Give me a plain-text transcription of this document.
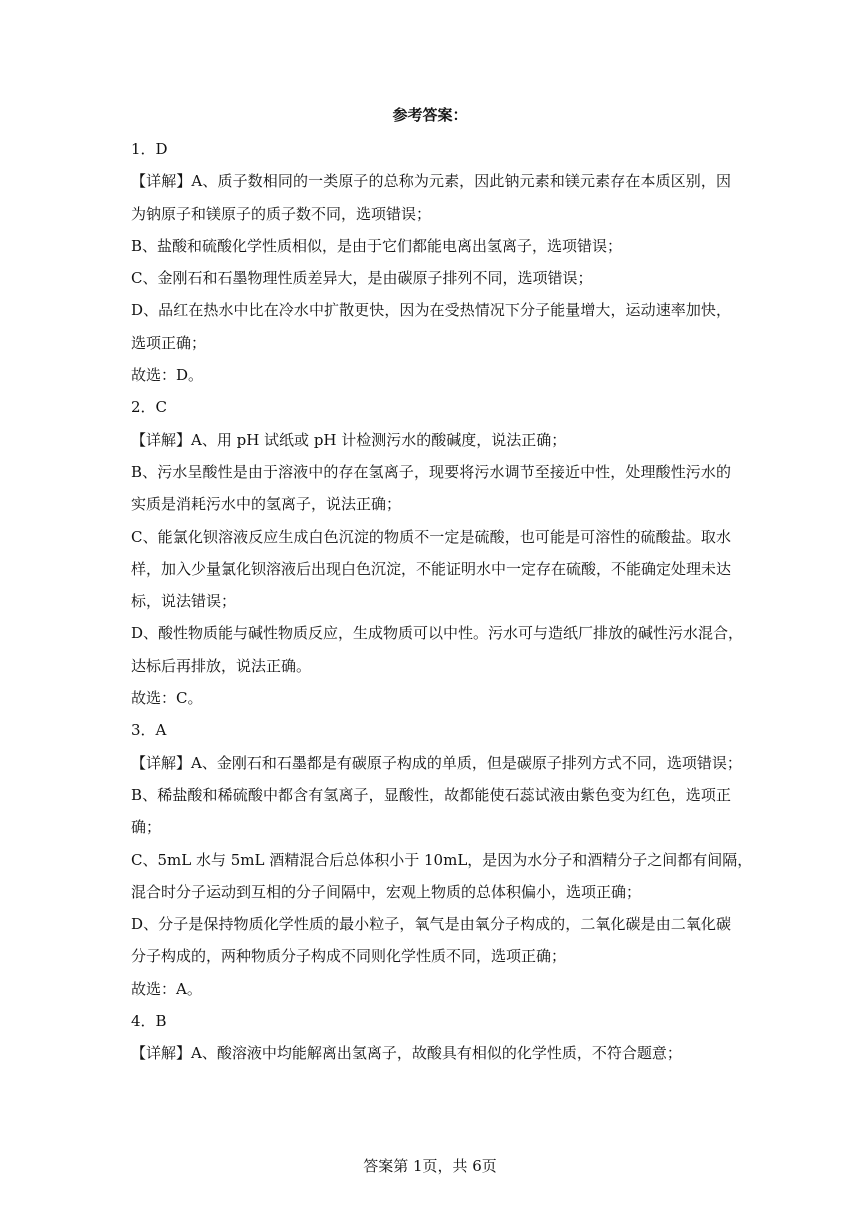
参考答案：
1．D
【详解】A、质子数相同的一类原子的总称为元素，因此钠元素和镁元素存在本质区别，因
为钠原子和镁原子的质子数不同，选项错误；
B、盐酸和硫酸化学性质相似，是由于它们都能电离出氢离子，选项错误；
C、金刚石和石墨物理性质差异大，是由碳原子排列不同，选项错误；
D、品红在热水中比在冷水中扩散更快，因为在受热情况下分子能量增大，运动速率加快，
选项正确；
故选：D。
2．C
【详解】A、用 pH 试纸或 pH 计检测污水的酸碱度，说法正确；
B、污水呈酸性是由于溶液中的存在氢离子，现要将污水调节至接近中性，处理酸性污水的
实质是消耗污水中的氢离子，说法正确；
C、能氯化钡溶液反应生成白色沉淀的物质不一定是硫酸，也可能是可溶性的硫酸盐。取水
样，加入少量氯化钡溶液后出现白色沉淀，不能证明水中一定存在硫酸，不能确定处理未达
标，说法错误；
D、酸性物质能与碱性物质反应，生成物质可以中性。污水可与造纸厂排放的碱性污水混合，
达标后再排放，说法正确。
故选：C。
3．A
【详解】A、金刚石和石墨都是有碳原子构成的单质，但是碳原子排列方式不同，选项错误；
B、稀盐酸和稀硫酸中都含有氢离子，显酸性，故都能使石蕊试液由紫色变为红色，选项正
确；
C、5mL 水与 5mL 酒精混合后总体积小于 10mL，是因为水分子和酒精分子之间都有间隔，
混合时分子运动到互相的分子间隔中，宏观上物质的总体积偏小，选项正确；
D、分子是保持物质化学性质的最小粒子，氧气是由氧分子构成的，二氧化碳是由二氧化碳
分子构成的，两种物质分子构成不同则化学性质不同，选项正确；
故选：A。
4．B
【详解】A、酸溶液中均能解离出氢离子，故酸具有相似的化学性质，不符合题意；
答案第 1页，共 6页
